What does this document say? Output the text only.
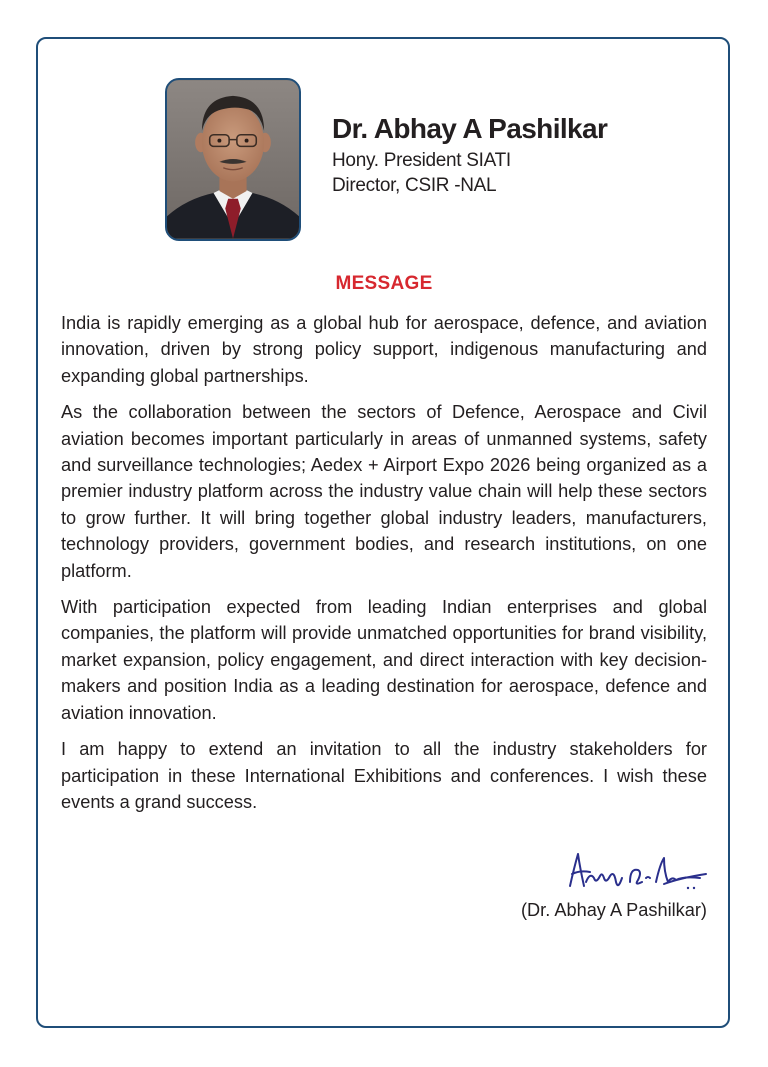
Dr. Abhay A Pashilkar
Hony. President SIATI
Director, CSIR -NAL
MESSAGE

India is rapidly emerging as a global hub for aerospace, defence, and aviation innovation, driven by strong policy support, indigenous manufacturing and expanding global partnerships.

As the collaboration between the sectors of Defence, Aerospace and Civil aviation becomes important particularly in areas of unmanned systems, safety and surveillance technologies; Aedex + Airport Expo 2026 being organized as a premier industry platform across the industry value chain will help these sectors to grow further. It will bring together global industry leaders, manufacturers, technology providers, government bodies, and research institutions, on one platform.

With participation expected from leading Indian enterprises and global companies, the platform will provide unmatched opportunities for brand visibility, market expansion, policy engagement, and direct interaction with key decision-makers and position India as a leading destination for aerospace, defence and aviation innovation.

I am happy to extend an invitation to all the industry stakeholders for participation in these International Exhibitions and conferences. I wish these events a grand success.

(Dr. Abhay A Pashilkar)
